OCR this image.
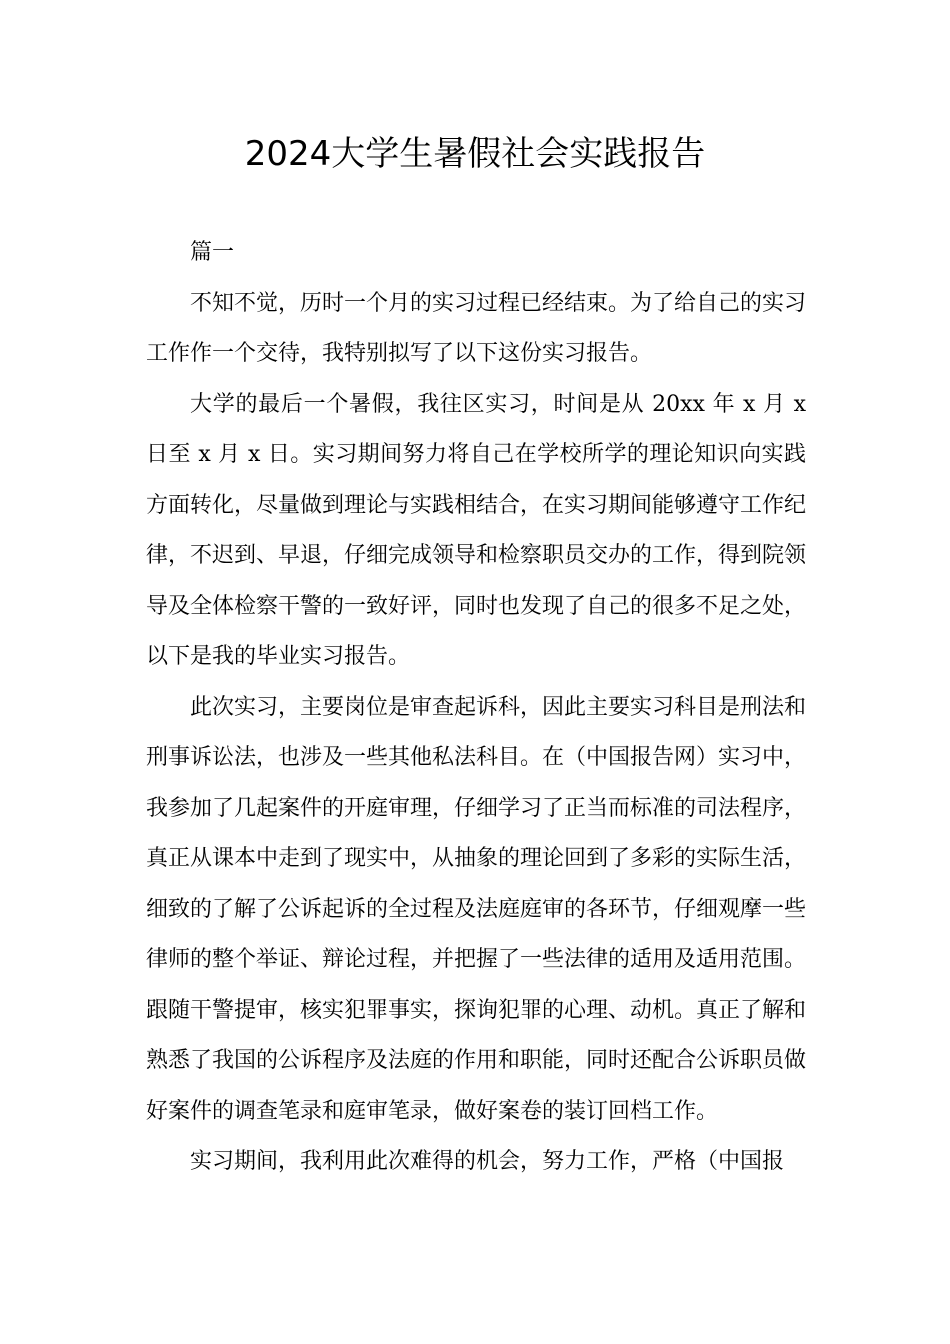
2024大学生暑假社会实践报告

篇一

不知不觉，历时一个月的实习过程已经结束。为了给自己的实习工作作一个交待，我特别拟写了以下这份实习报告。

大学的最后一个暑假，我往区实习，时间是从 20xx 年 x 月 x 日至 x 月 x 日。实习期间努力将自己在学校所学的理论知识向实践方面转化，尽量做到理论与实践相结合，在实习期间能够遵守工作纪律，不迟到、早退，仔细完成领导和检察职员交办的工作，得到院领导及全体检察干警的一致好评，同时也发现了自己的很多不足之处，以下是我的毕业实习报告。

此次实习，主要岗位是审查起诉科，因此主要实习科目是刑法和刑事诉讼法，也涉及一些其他私法科目。在（中国报告网）实习中，我参加了几起案件的开庭审理，仔细学习了正当而标准的司法程序，真正从课本中走到了现实中，从抽象的理论回到了多彩的实际生活，细致的了解了公诉起诉的全过程及法庭庭审的各环节，仔细观摩一些律师的整个举证、辩论过程，并把握了一些法律的适用及适用范围。跟随干警提审，核实犯罪事实，探询犯罪的心理、动机。真正了解和熟悉了我国的公诉程序及法庭的作用和职能，同时还配合公诉职员做好案件的调查笔录和庭审笔录，做好案卷的装订回档工作。

实习期间，我利用此次难得的机会，努力工作，严格（中国报
